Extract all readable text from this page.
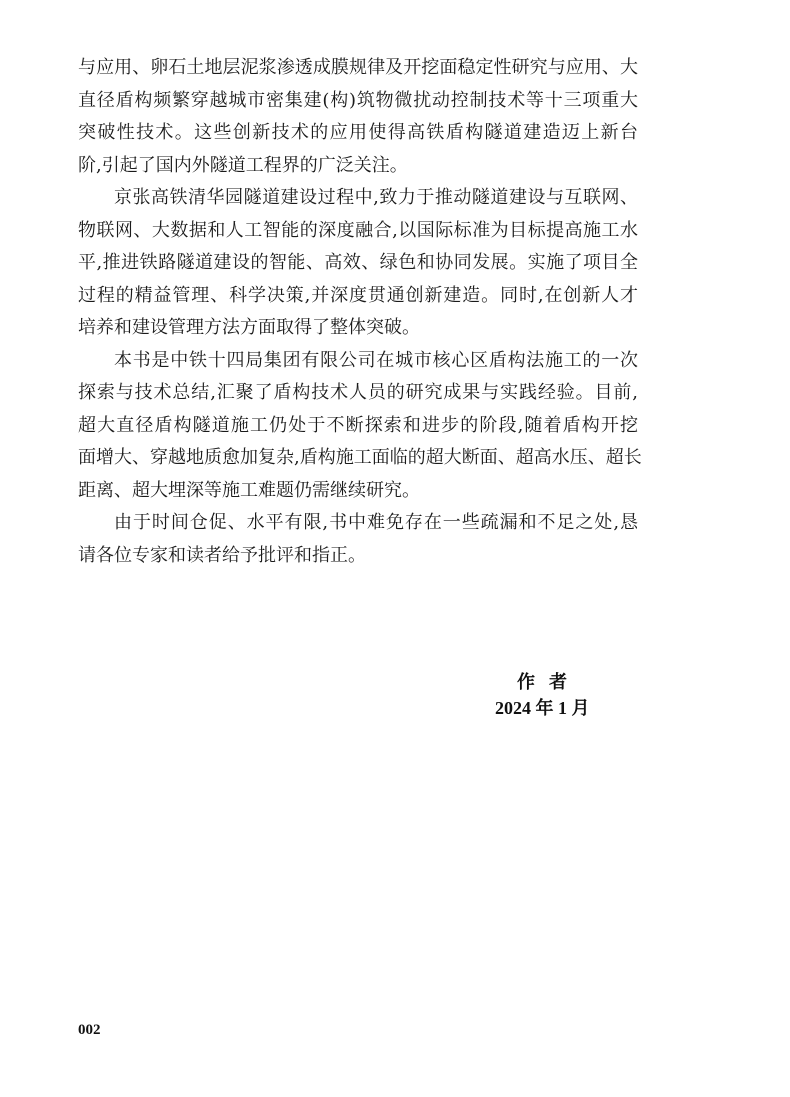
与应用、卵石土地层泥浆渗透成膜规律及开挖面稳定性研究与应用、大
直径盾构频繁穿越城市密集建(构)筑物微扰动控制技术等十三项重大
突破性技术。这些创新技术的应用使得高铁盾构隧道建造迈上新台
阶,引起了国内外隧道工程界的广泛关注。
京张高铁清华园隧道建设过程中,致力于推动隧道建设与互联网、
物联网、大数据和人工智能的深度融合,以国际标准为目标提高施工水
平,推进铁路隧道建设的智能、高效、绿色和协同发展。实施了项目全
过程的精益管理、科学决策,并深度贯通创新建造。同时,在创新人才
培养和建设管理方法方面取得了整体突破。
本书是中铁十四局集团有限公司在城市核心区盾构法施工的一次
探索与技术总结,汇聚了盾构技术人员的研究成果与实践经验。目前,
超大直径盾构隧道施工仍处于不断探索和进步的阶段,随着盾构开挖
面增大、穿越地质愈加复杂,盾构施工面临的超大断面、超高水压、超长
距离、超大埋深等施工难题仍需继续研究。
由于时间仓促、水平有限,书中难免存在一些疏漏和不足之处,恳
请各位专家和读者给予批评和指正。
作者
2024 年 1 月
002
